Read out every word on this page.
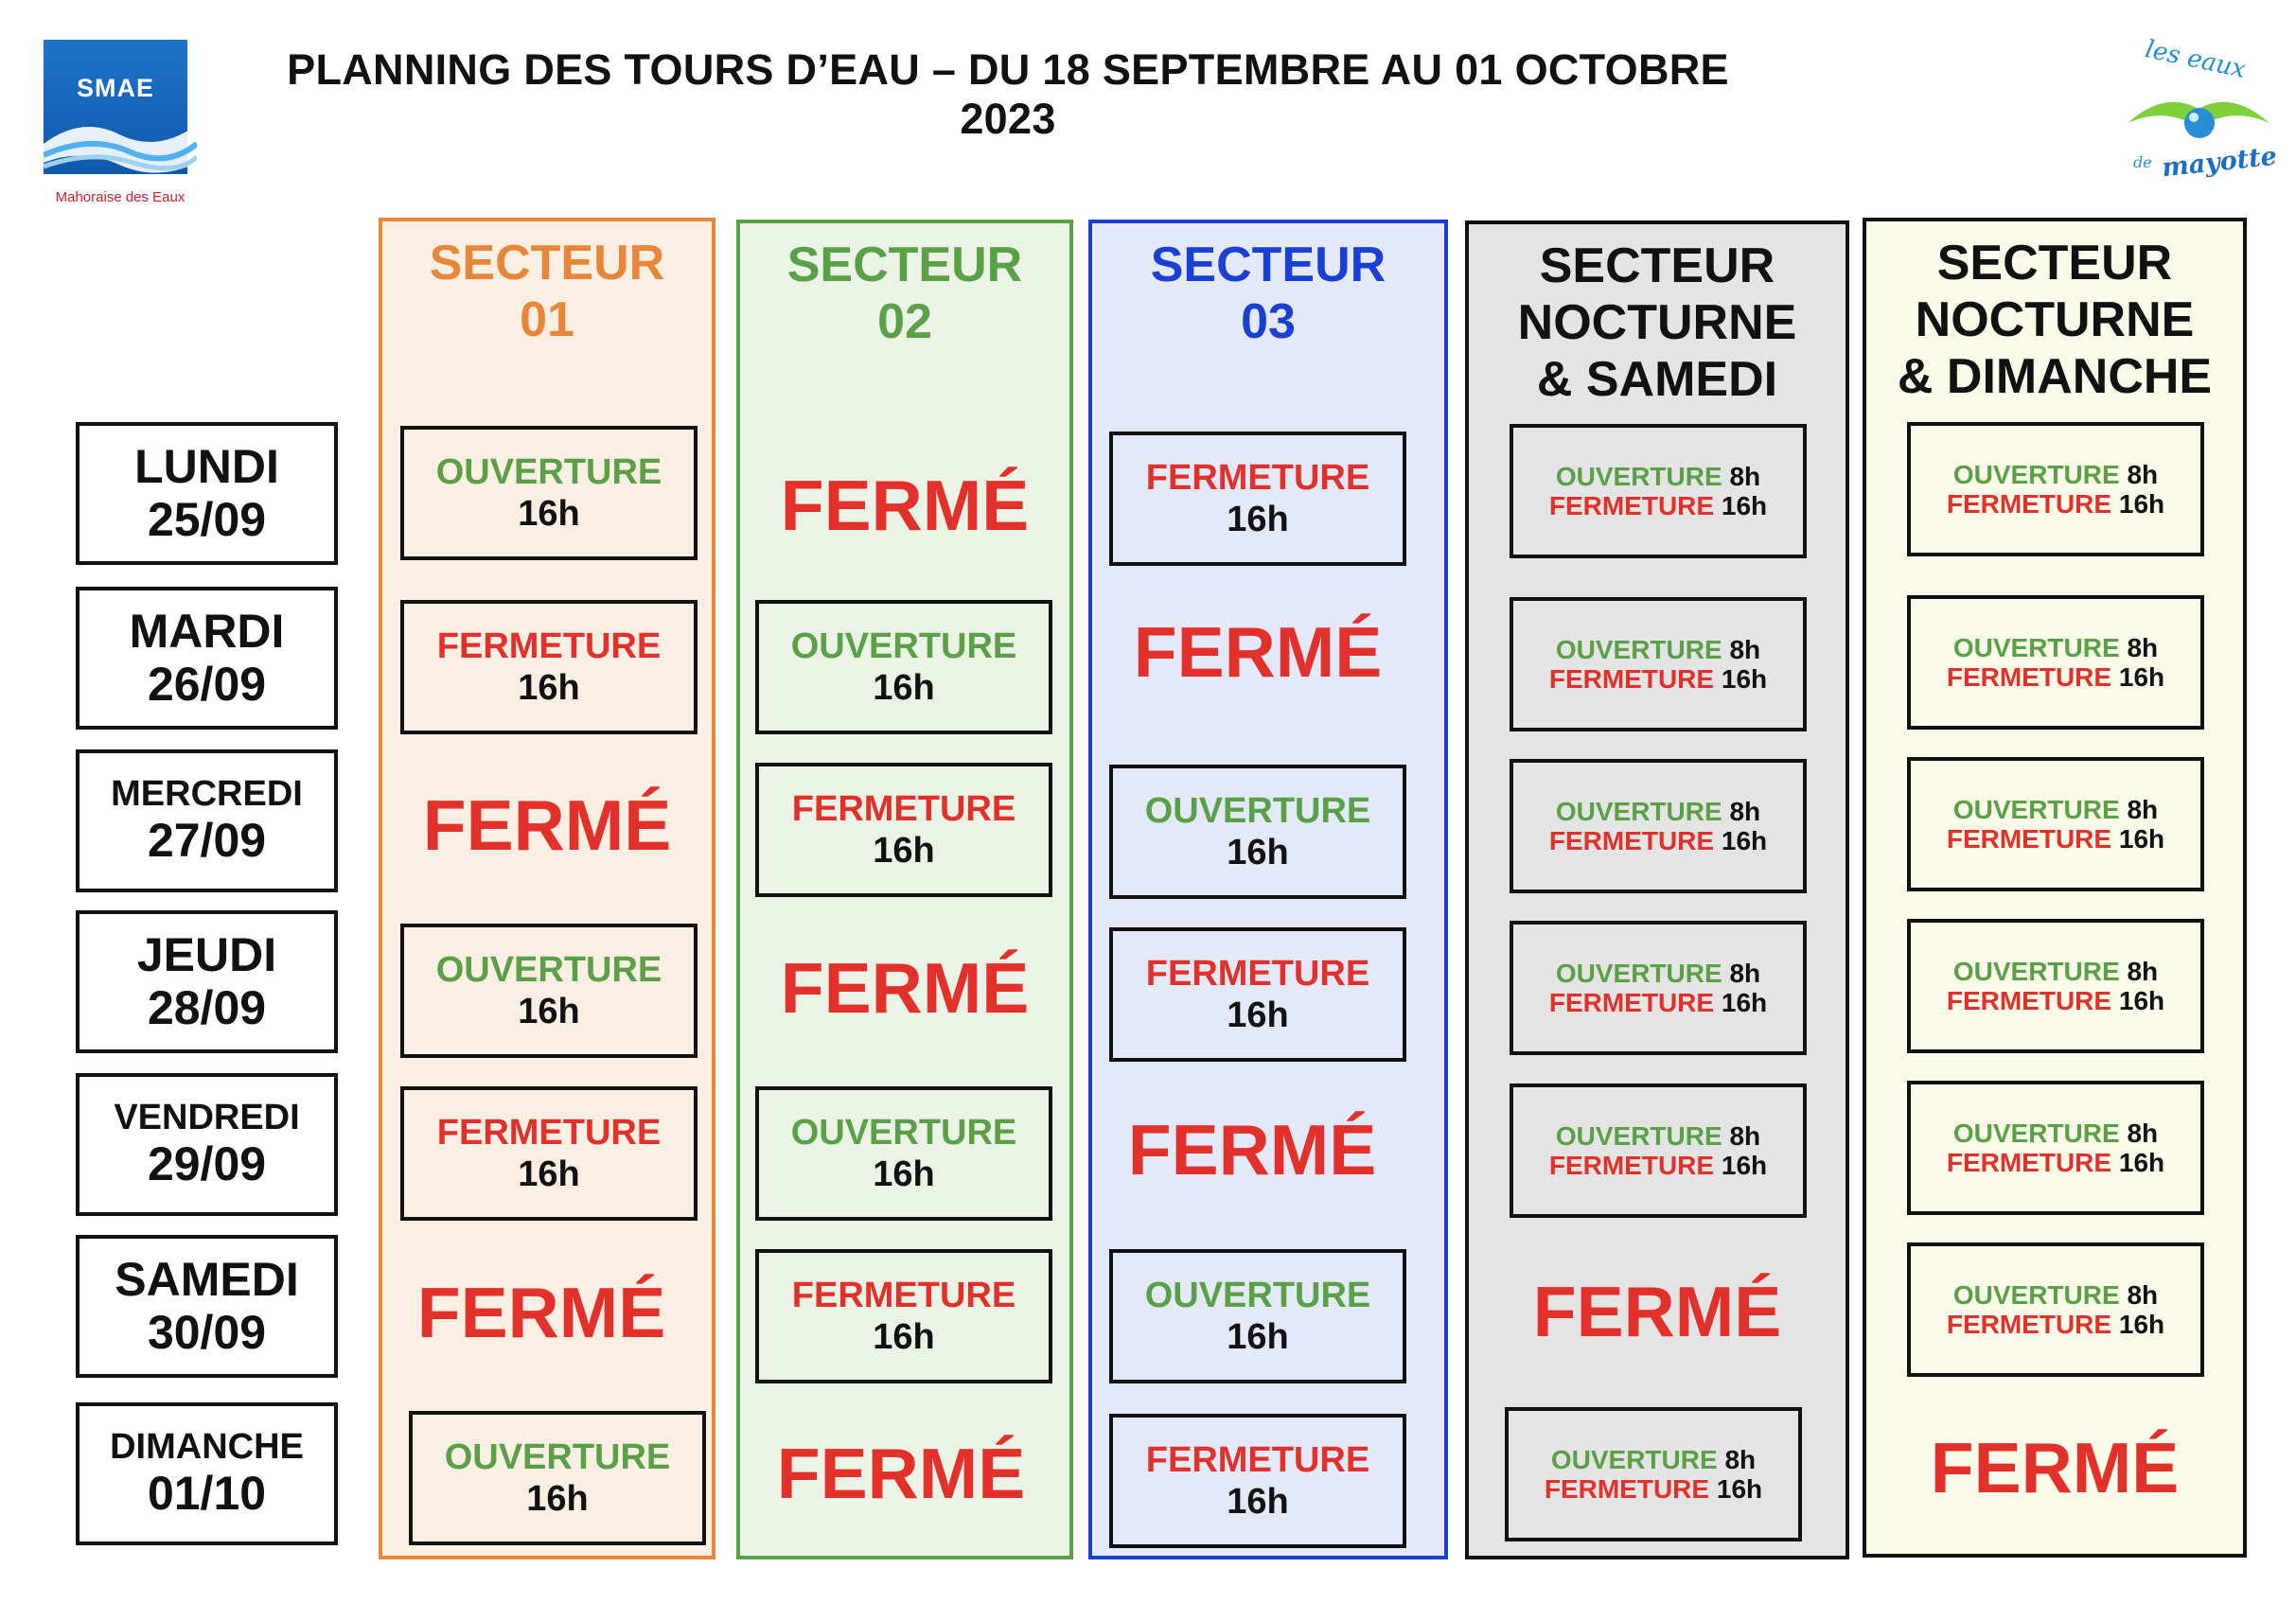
PLANNING DES TOURS D’EAU – DU 18 SEPTEMBRE AU 01 OCTOBRE 2023
SMAE
Mahoraise des Eaux
les eaux
de mayotte
LUNDI
25/09
MARDI
26/09
MERCREDI
27/09
JEUDI
28/09
VENDREDI
29/09
SAMEDI
30/09
DIMANCHE
01/10
SECTEUR
01
OUVERTURE
16h
FERMETURE
16h
FERMÉ
OUVERTURE
16h
FERMETURE
16h
FERMÉ
OUVERTURE
16h
SECTEUR
02
FERMÉ
OUVERTURE
16h
FERMETURE
16h
FERMÉ
OUVERTURE
16h
FERMETURE
16h
FERMÉ
SECTEUR
03
FERMETURE
16h
FERMÉ
OUVERTURE
16h
FERMETURE
16h
FERMÉ
OUVERTURE
16h
FERMETURE
16h
SECTEUR
NOCTURNE
& SAMEDI
OUVERTURE 8h
FERMETURE 16h
OUVERTURE 8h
FERMETURE 16h
OUVERTURE 8h
FERMETURE 16h
OUVERTURE 8h
FERMETURE 16h
OUVERTURE 8h
FERMETURE 16h
FERMÉ
OUVERTURE 8h
FERMETURE 16h
SECTEUR
NOCTURNE
& DIMANCHE
OUVERTURE 8h
FERMETURE 16h
OUVERTURE 8h
FERMETURE 16h
OUVERTURE 8h
FERMETURE 16h
OUVERTURE 8h
FERMETURE 16h
OUVERTURE 8h
FERMETURE 16h
OUVERTURE 8h
FERMETURE 16h
FERMÉ
